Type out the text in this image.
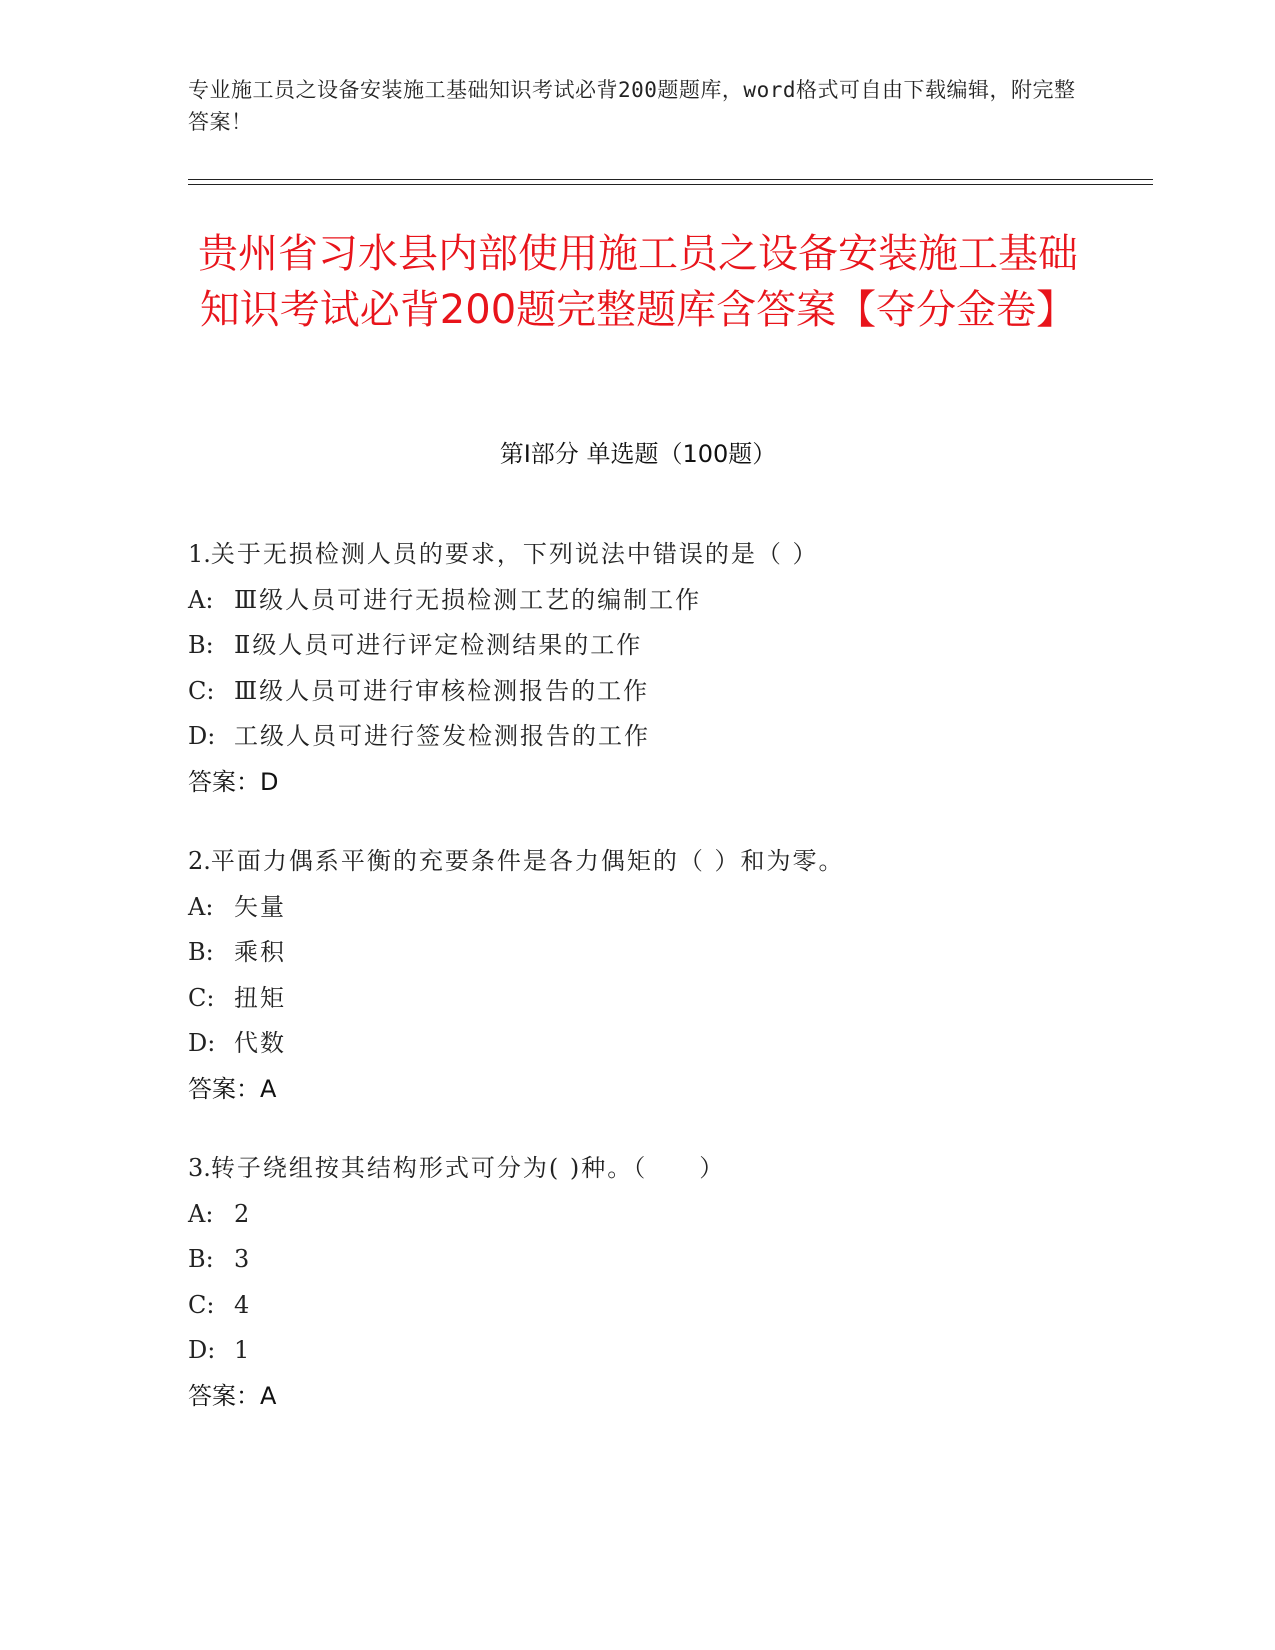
专业施工员之设备安装施工基础知识考试必背200题题库，word格式可自由下载编辑，附完整答案！
贵州省习水县内部使用施工员之设备安装施工基础知识考试必背200题完整题库含答案【夺分金卷】
第Ⅰ部分 单选题（100题）
1.关于无损检测人员的要求，下列说法中错误的是（ ）
A: Ⅲ级人员可进行无损检测工艺的编制工作
B: Ⅱ级人员可进行评定检测结果的工作
C: Ⅲ级人员可进行审核检测报告的工作
D: 工级人员可进行签发检测报告的工作
答案：D
2.平面力偶系平衡的充要条件是各力偶矩的（ ）和为零。
A: 矢量
B: 乘积
C: 扭矩
D: 代数
答案：A
3.转子绕组按其结构形式可分为( )种。（　　）
A: 2
B: 3
C: 4
D: 1
答案：A
